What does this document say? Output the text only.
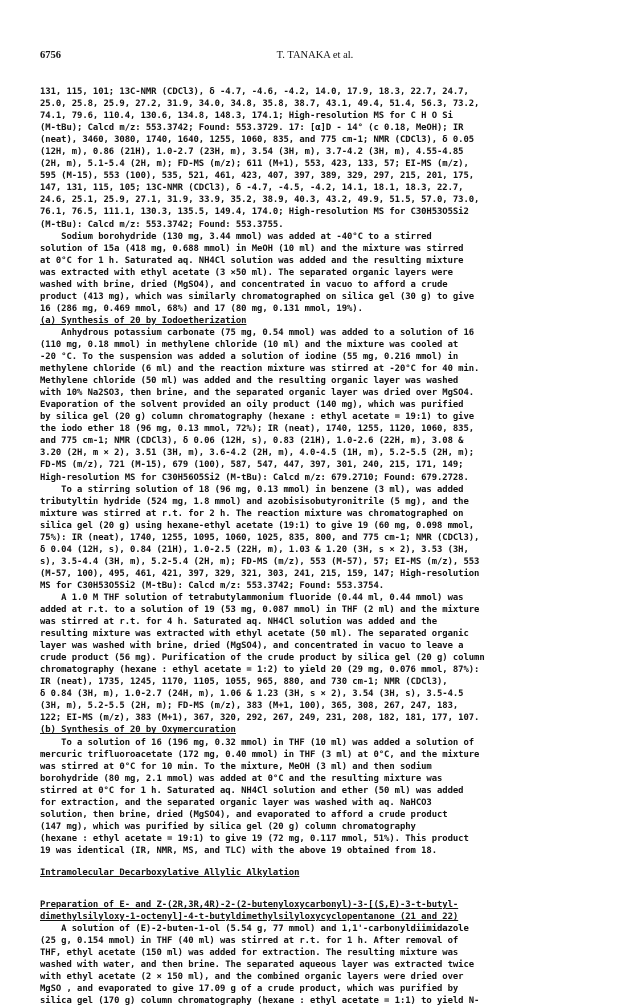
6756	T. TANAKA et al.
131, 115, 101; 13C-NMR (CDCl3), δ -4.7, -4.6, -4.2, 14.0, 17.9, 18.3, 22.7, 24.7,
25.0, 25.8, 25.9, 27.2, 31.9, 34.0, 34.8, 35.8, 38.7, 43.1, 49.4, 51.4, 56.3, 73.2,
74.1, 79.6, 110.4, 130.6, 134.8, 148.3, 174.1; High-resolution MS for C H O Si
(M-tBu); Calcd m/z: 553.3742; Found: 553.3729. 17: [α]D - 14° (c 0.18, MeOH); IR
(neat), 3460, 3080, 1740, 1640, 1255, 1060, 835, and 775 cm-1; NMR (CDCl3), δ 0.05
(12H, m), 0.86 (21H), 1.0-2.7 (23H, m), 3.54 (3H, m), 3.7-4.2 (3H, m), 4.55-4.85
(2H, m), 5.1-5.4 (2H, m); FD-MS (m/z); 611 (M+1), 553, 423, 133, 57; EI-MS (m/z),
595 (M-15), 553 (100), 535, 521, 461, 423, 407, 397, 389, 329, 297, 215, 201, 175,
147, 131, 115, 105; 13C-NMR (CDCl3), δ -4.7, -4.5, -4.2, 14.1, 18.1, 18.3, 22.7,
24.6, 25.1, 25.9, 27.1, 31.9, 33.9, 35.2, 38.9, 40.3, 43.2, 49.9, 51.5, 57.0, 73.0,
76.1, 76.5, 111.1, 130.3, 135.5, 149.4, 174.0; High-resolution MS for C30H53O5Si2
(M-tBu): Calcd m/z: 553.3742; Found: 553.3755.
Sodium borohydride (130 mg, 3.44 mmol) was added at -40°C to a stirred
solution of 15a (418 mg, 0.688 mmol) in MeOH (10 ml) and the mixture was stirred
at 0°C for 1 h. Saturated aq. NH4Cl solution was added and the resulting mixture
was extracted with ethyl acetate (3 ×50 ml). The separated organic layers were
washed with brine, dried (MgSO4), and concentrated in vacuo to afford a crude
product (413 mg), which was similarly chromatographed on silica gel (30 g) to give
16 (286 mg, 0.469 mmol, 68%) and 17 (80 mg, 0.131 mmol, 19%).
(a) Synthesis of 20 by Iodoetherization
Anhydrous potassium carbonate (75 mg, 0.54 mmol) was added to a solution of 16
(110 mg, 0.18 mmol) in methylene chloride (10 ml) and the mixture was cooled at
-20 °C. To the suspension was added a solution of iodine (55 mg, 0.216 mmol) in
methylene chloride (6 ml) and the reaction mixture was stirred at -20°C for 40 min.
Methylene chloride (50 ml) was added and the resulting organic layer was washed
with 10% Na2SO3, then brine, and the separated organic layer was dried over MgSO4.
Evaporation of the solvent provided an oily product (140 mg), which was purified
by silica gel (20 g) column chromatography (hexane : ethyl acetate = 19:1) to give
the iodo ether 18 (96 mg, 0.13 mmol, 72%); IR (neat), 1740, 1255, 1120, 1060, 835,
and 775 cm-1; NMR (CDCl3), δ 0.06 (12H, s), 0.83 (21H), 1.0-2.6 (22H, m), 3.08 &
3.20 (2H, m × 2), 3.51 (3H, m), 3.6-4.2 (2H, m), 4.0-4.5 (1H, m), 5.2-5.5 (2H, m);
FD-MS (m/z), 721 (M-15), 679 (100), 587, 547, 447, 397, 301, 240, 215, 171, 149;
High-resolution MS for C30H56O5Si2 (M-tBu): Calcd m/z: 679.2710; Found: 679.2728.
To a stirring solution of 18 (96 mg, 0.13 mmol) in benzene (3 ml), was added
tributyltin hydride (524 mg, 1.8 mmol) and azobisisobutyronitrile (5 mg), and the
mixture was stirred at r.t. for 2 h. The reaction mixture was chromatographed on
silica gel (20 g) using hexane-ethyl acetate (19:1) to give 19 (60 mg, 0.098 mmol,
75%): IR (neat), 1740, 1255, 1095, 1060, 1025, 835, 800, and 775 cm-1; NMR (CDCl3),
δ 0.04 (12H, s), 0.84 (21H), 1.0-2.5 (22H, m), 1.03 & 1.20 (3H, s × 2), 3.53 (3H,
s), 3.5-4.4 (3H, m), 5.2-5.4 (2H, m); FD-MS (m/z), 553 (M-57), 57; EI-MS (m/z), 553
(M-57, 100), 495, 461, 421, 397, 329, 321, 303, 241, 215, 159, 147; High-resolution
MS for C30H53O5Si2 (M-tBu): Calcd m/z: 553.3742; Found: 553.3754.
A 1.0 M THF solution of tetrabutylammonium fluoride (0.44 ml, 0.44 mmol) was
added at r.t. to a solution of 19 (53 mg, 0.087 mmol) in THF (2 ml) and the mixture
was stirred at r.t. for 4 h. Saturated aq. NH4Cl solution was added and the
resulting mixture was extracted with ethyl acetate (50 ml). The separated organic
layer was washed with brine, dried (MgSO4), and concentrated in vacuo to leave a
crude product (56 mg). Purification of the crude product by silica gel (20 g) column
chromatography (hexane : ethyl acetate = 1:2) to yield 20 (29 mg, 0.076 mmol, 87%):
IR (neat), 1735, 1245, 1170, 1105, 1055, 965, 880, and 730 cm-1; NMR (CDCl3),
δ 0.84 (3H, m), 1.0-2.7 (24H, m), 1.06 & 1.23 (3H, s × 2), 3.54 (3H, s), 3.5-4.5
(3H, m), 5.2-5.5 (2H, m); FD-MS (m/z), 383 (M+1, 100), 365, 308, 267, 247, 183,
122; EI-MS (m/z), 383 (M+1), 367, 320, 292, 267, 249, 231, 208, 182, 181, 177, 107.
(b) Synthesis of 20 by Oxymercuration
To a solution of 16 (196 mg, 0.32 mmol) in THF (10 ml) was added a solution of
mercuric trifluoroacetate (172 mg, 0.40 mmol) in THF (3 ml) at 0°C, and the mixture
was stirred at 0°C for 10 min. To the mixture, MeOH (3 ml) and then sodium
borohydride (80 mg, 2.1 mmol) was added at 0°C and the resulting mixture was
stirred at 0°C for 1 h. Saturated aq. NH4Cl solution and ether (50 ml) was added
for extraction, and the separated organic layer was washed with aq. NaHCO3
solution, then brine, dried (MgSO4), and evaporated to afford a crude product
(147 mg), which was purified by silica gel (20 g) column chromatography
(hexane : ethyl acetate = 19:1) to give 19 (72 mg, 0.117 mmol, 51%). This product
19 was identical (IR, NMR, MS, and TLC) with the above 19 obtained from 18.
Intramolecular Decarboxylative Allylic Alkylation
Preparation of E- and Z-(2R,3R,4R)-2-(2-butenyloxycarbonyl)-3-[(S,E)-3-t-butyl-
dimethylsilyloxy-1-octenyl]-4-t-butyldimethylsilyloxycyclopentanone (21 and 22)
A solution of (E)-2-buten-1-ol (5.54 g, 77 mmol) and 1,1'-carbonyldiimidazole
(25 g, 0.154 mmol) in THF (40 ml) was stirred at r.t. for 1 h. After removal of
THF, ethyl acetate (150 ml) was added for extraction. The resulting mixture was
washed with water, and then brine. The separated aqueous layer was extracted twice
with ethyl acetate (2 × 150 ml), and the combined organic layers were dried over
MgSO , and evaporated to give 17.09 g of a crude product, which was purified by
silica gel (170 g) column chromatography (hexane : ethyl acetate = 1:1) to yield N-
